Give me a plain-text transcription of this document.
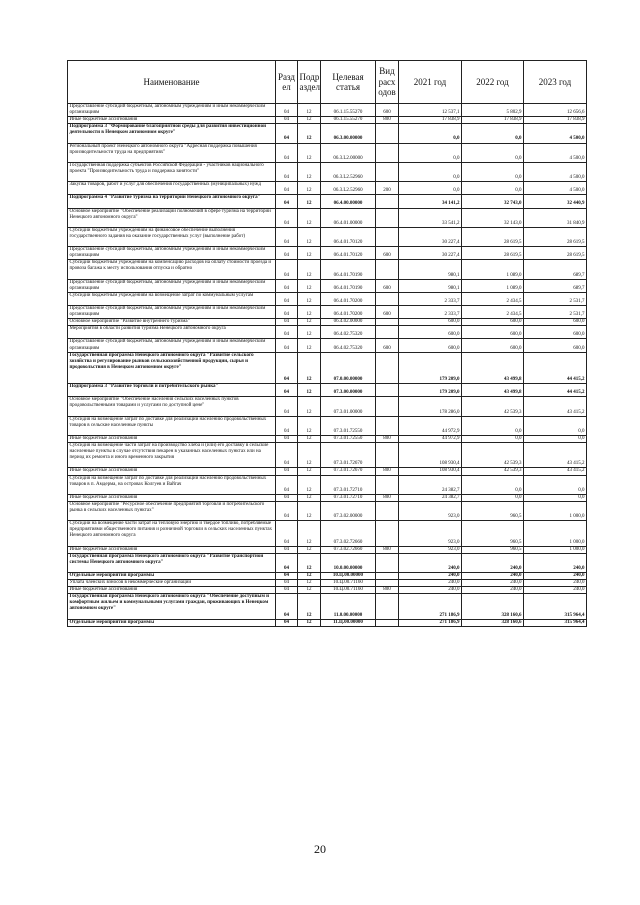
Наименование	Разд ел	Подр аздел	Целевая статья	Вид расх одов	2021 год	2022 год	2023 год
Предоставление субсидий бюджетным, автономным учреждениям и иным некоммерческим организациям	04	12	06.1.15.55270	600	12 537,1	5 802,9	12 656,6
Иные бюджетные ассигнования	04	12	06.1.15.55270	800	17 838,9	17 838,9	17 838,9
Подпрограмма 3 "Формирование благоприятной среды для развития инвестиционной деятельности в Ненецком автономном округе"	04	12	06.3.00.00000		0,0	0,0	4 500,0
Региональный проект Ненецкого автономного округа "Адресная поддержка повышения производительности труда на предприятиях"	04	12	06.3.L2.00000		0,0	0,0	4 500,0
Государственная поддержка субъектов Российской Федерации - участников национального проекта "Производительность труда и поддержка занятости"	04	12	06.3.L2.52960		0,0	0,0	4 500,0
Закупка товаров, работ и услуг для обеспечения государственных (муниципальных) нужд	04	12	06.3.L2.52960	200	0,0	0,0	4 500,0
Подпрограмма 4 "Развитие туризма на территории Ненецкого автономного округа"	04	12	06.4.00.00000		34 141,2	32 743,0	32 440,9
Основное мероприятие "Обеспечение реализации полномочий в сфере туризма на территории Ненецкого автономного округа"	04	12	06.4.01.00000		33 541,2	32 143,0	31 840,9
Субсидии бюджетным учреждениям на финансовое обеспечение выполнения государственного задания на оказание государственных услуг (выполнение работ)	04	12	06.4.01.70120		30 227,4	28 619,5	28 619,5
Предоставление субсидий бюджетным, автономным учреждениям и иным некоммерческим организациям	04	12	06.4.01.70120	600	30 227,4	28 619,5	28 619,5
Субсидии бюджетным учреждениям на компенсацию расходов на оплату стоимости проезда и провоза багажа к месту использования отпуска и обратно	04	12	06.4.01.70190		980,1	1 089,0	689,7
Предоставление субсидий бюджетным, автономным учреждениям и иным некоммерческим организациям	04	12	06.4.01.70190	600	980,1	1 089,0	689,7
Субсидии бюджетным учреждениям на возмещение затрат по коммунальным услугам	04	12	06.4.01.70200		2 333,7	2 434,5	2 531,7
Предоставление субсидий бюджетным, автономным учреждениям и иным некоммерческим организациям	04	12	06.4.01.70200	600	2 333,7	2 434,5	2 531,7
Основное мероприятие "Развитие внутреннего туризма"	04	12	06.4.02.00000		600,0	600,0	600,0
Мероприятия в области развития туризма Ненецкого автономного округа	04	12	06.4.02.75320		600,0	600,0	600,0
Предоставление субсидий бюджетным, автономным учреждениям и иным некоммерческим организациям	04	12	06.4.02.75320	600	600,0	600,0	600,0
Государственная программа Ненецкого автономного округа "Развитие сельского хозяйства и регулирование рынков сельскохозяйственной продукции, сырья и продовольствия в Ненецком автономном округе"	04	12	07.0.00.00000		179 209,0	43 499,8	44 415,2
Подпрограмма 3 "Развитие торговли и потребительского рынка"	04	12	07.3.00.00000		179 209,0	43 499,8	44 415,2
Основное мероприятие "Обеспечение населения сельских населенных пунктов продовольственными товарами и услугами по доступной цене"	04	12	07.3.01.00000		178 286,0	42 539,3	43 415,2
Субсидия на возмещение затрат по доставке для реализации населению продовольственных товаров в сельские населенные пункты	04	12	07.3.01.72550		44 972,9	0,0	0,0
Иные бюджетные ассигнования	04	12	07.3.01.72550	800	44 972,9	0,0	0,0
Субсидия на возмещение части затрат на производство хлеба и (или) его доставку в сельские населенные пункты в случае отсутствия пекарен в указанных населенных пунктах или на период их ремонта и иного временного закрытия	04	12	07.3.01.72670		108 930,4	42 539,3	43 415,2
Иные бюджетные ассигнования	04	12	07.3.01.72670	800	108 930,4	42 539,3	43 415,2
Субсидия на возмещение затрат по доставке для реализации населению продовольственных товаров в п. Амдерма, на островах Колгуев и Вайгач	04	12	07.3.01.72710		24 382,7	0,0	0,0
Иные бюджетные ассигнования	04	12	07.3.01.72710	800	24 382,7	0,0	0,0
Основное мероприятие "Ресурсное обеспечение предприятий торговли и потребительского рынка в сельских населенных пунктах"	04	12	07.3.02.00000		923,0	960,5	1 000,0
Субсидии на возмещение части затрат на тепловую энергию и твердое топливо, потребляемые предприятиями общественного питания и розничной торговли в сельских населенных пунктах Ненецкого автономного округа	04	12	07.3.02.72660		923,0	960,5	1 000,0
Иные бюджетные ассигнования	04	12	07.3.02.72660	800	923,0	960,5	1 000,0
Государственная программа Ненецкого автономного округа "Развитие транспортной системы Ненецкого автономного округа"	04	12	10.0.00.00000		240,0	240,0	240,0
Отдельные мероприятия программы	04	12	10.Ц.00.00000		240,0	240,0	240,0
Уплата членских взносов в некоммерческие организации	04	12	10.Ц.00.71160		240,0	240,0	240,0
Иные бюджетные ассигнования	04	12	10.Ц.00.71160	800	240,0	240,0	240,0
Государственная программа Ненецкого автономного округа "Обеспечение доступным и комфортным жильем и коммунальными услугами граждан, проживающих в Ненецком автономном округе"	04	12	11.0.00.00000		271 186,9	328 160,6	315 964,4
Отдельные мероприятия программы	04	12	11.Ц.00.00000		271 186,9	328 160,6	315 964,4
20
